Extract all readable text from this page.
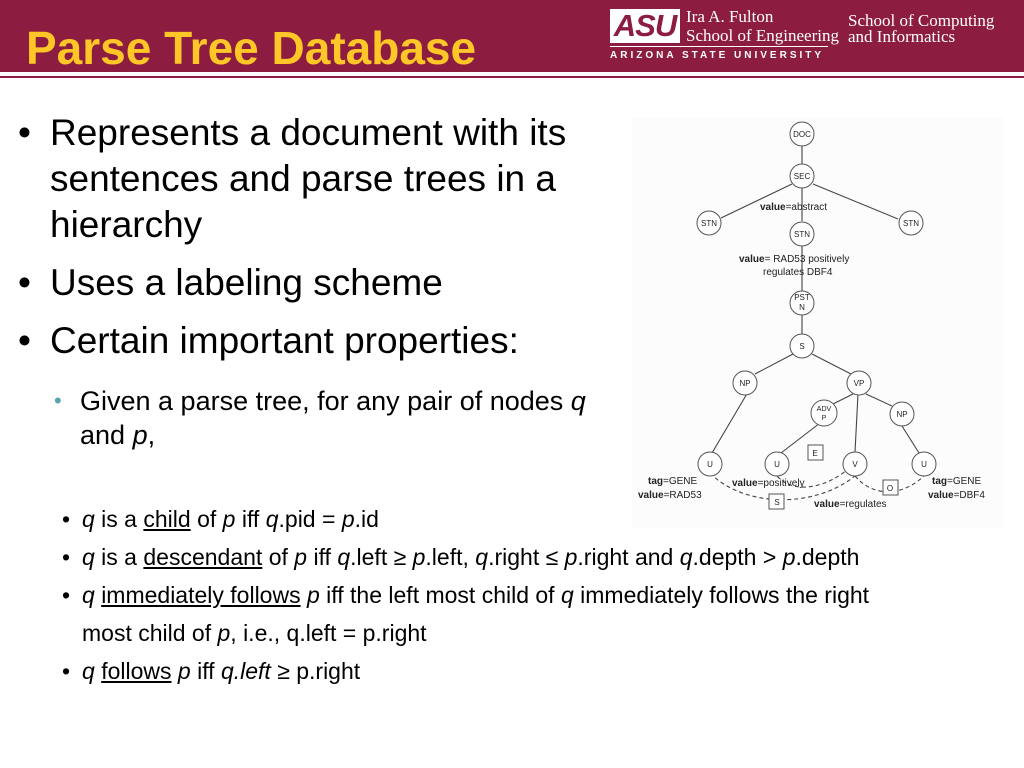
Parse Tree Database	ASU Ira A. Fulton
School of Engineering
ARIZONA STATE UNIVERSITY
School of Computing
and Informatics
• Represents a document with its sentences and parse trees in a hierarchy
• Uses a labeling scheme
• Certain important properties:
• Given a parse tree, for any pair of nodes q and p,
• q is a child of p iff q.pid = p.id
• q is a descendant of p iff q.left ≥ p.left, q.right ≤ p.right and q.depth > p.depth
• q immediately follows p iff the left most child of q immediately follows the right most child of p, i.e., q.left = p.right
• q follows p iff q.left ≥ p.right
DOC
SEC
STN
STN
STN
PST
N
S
NP	VP
ADV
P	NP
U	U	V	U
E
O
S
value=abstract
value= RAD53 positively
regulates DBF4
tag=GENE
value=RAD53
value=positively
value=regulates
tag=GENE
value=DBF4
